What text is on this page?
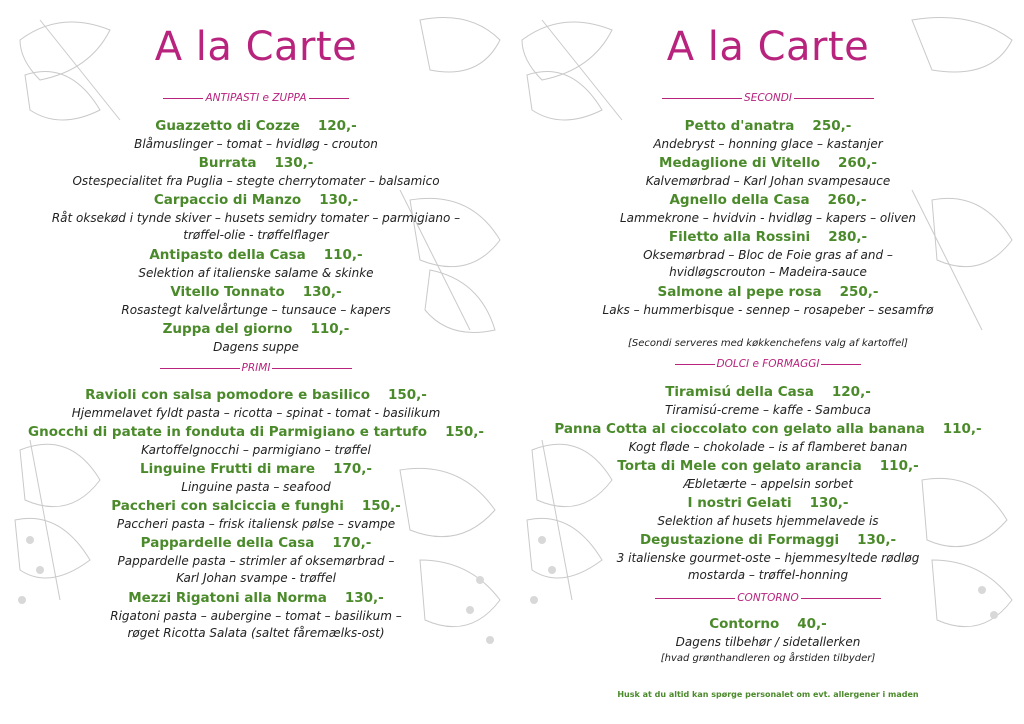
A la Carte
ANTIPASTI e ZUPPA
Guazzetto di Cozze 120,-
Blåmuslinger – tomat – hvidløg - crouton
Burrata 130,-
Ostespecialitet fra Puglia – stegte cherrytomater – balsamico
Carpaccio di Manzo 130,-
Råt oksekød i tynde skiver – husets semidry tomater – parmigiano –
trøffel-olie - trøffelflager
Antipasto della Casa 110,-
Selektion af italienske salame & skinke
Vitello Tonnato 130,-
Rosastegt kalvelårtunge – tunsauce – kapers
Zuppa del giorno 110,-
Dagens suppe
PRIMI
Ravioli con salsa pomodore e basilico 150,-
Hjemmelavet fyldt pasta – ricotta – spinat - tomat - basilikum
Gnocchi di patate in fonduta di Parmigiano e tartufo 150,-
Kartoffelgnocchi – parmigiano – trøffel
Linguine Frutti di mare 170,-
Linguine pasta – seafood
Paccheri con salciccia e funghi 150,-
Paccheri pasta – frisk italiensk pølse – svampe
Pappardelle della Casa 170,-
Pappardelle pasta – strimler af oksemørbrad –
Karl Johan svampe - trøffel
Mezzi Rigatoni alla Norma 130,-
Rigatoni pasta – aubergine – tomat – basilikum –
røget Ricotta Salata (saltet fåremælks-ost)
A la Carte
SECONDI
Petto d'anatra 250,-
Andebryst – honning glace – kastanjer
Medaglione di Vitello 260,-
Kalvemørbrad – Karl Johan svampesauce
Agnello della Casa 260,-
Lammekrone – hvidvin - hvidløg – kapers – oliven
Filetto alla Rossini 280,-
Oksemørbrad – Bloc de Foie gras af and –
hvidløgscrouton – Madeira-sauce
Salmone al pepe rosa 250,-
Laks – hummerbisque - sennep – rosapeber – sesamfrø
[Secondi serveres med køkkenchefens valg af kartoffel]
DOLCI e FORMAGGI
Tiramisú della Casa 120,-
Tiramisú-creme – kaffe - Sambuca
Panna Cotta al cioccolato con gelato alla banana 110,-
Kogt fløde – chokolade – is af flamberet banan
Torta di Mele con gelato arancia 110,-
Æbletærte – appelsin sorbet
I nostri Gelati 130,-
Selektion af husets hjemmelavede is
Degustazione di Formaggi 130,-
3 italienske gourmet-oste – hjemmesyltede rødløg
mostarda – trøffel-honning
CONTORNO
Contorno 40,-
Dagens tilbehør / sidetallerken
[hvad grønthandleren og årstiden tilbyder]
Husk at du altid kan spørge personalet om evt. allergener i maden
